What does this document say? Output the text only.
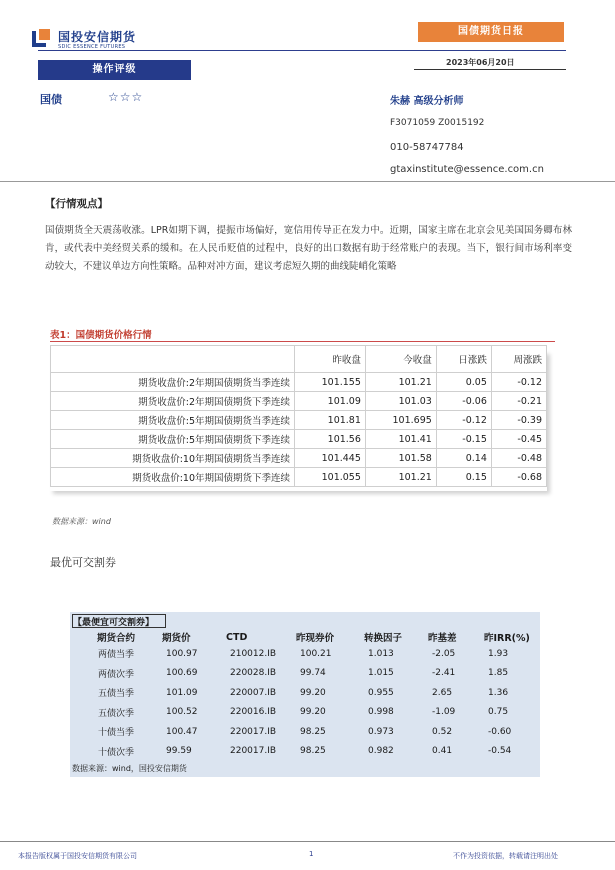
国投安信期货
SDIC ESSENCE FUTURES
国债期货日报
2023年06月20日
操作评级
国债	☆☆☆	朱赫 高级分析师
F3071059 Z0015192
010-58747784
gtaxinstitute@essence.com.cn
【行情观点】
国债期货全天震荡收涨。LPR如期下调，提振市场偏好，宽信用传导正在发力中。近期，国家主席在北京会见美国国务卿布林肯，或代表中美经贸关系的缓和。在人民币贬值的过程中，良好的出口数据有助于经常账户的表现。当下，银行间市场利率变动较大，不建议单边方向性策略。品种对冲方面，建议考虑短久期的曲线陡峭化策略
表1：国债期货价格行情
	昨收盘	今收盘	日涨跌	周涨跌
期货收盘价:2年期国债期货当季连续	101.155	101.21	0.05	-0.12
期货收盘价:2年期国债期货下季连续	101.09	101.03	-0.06	-0.21
期货收盘价:5年期国债期货当季连续	101.81	101.695	-0.12	-0.39
期货收盘价:5年期国债期货下季连续	101.56	101.41	-0.15	-0.45
期货收盘价:10年期国债期货当季连续	101.445	101.58	0.14	-0.48
期货收盘价:10年期国债期货下季连续	101.055	101.21	0.15	-0.68
数据来源：wind
最优可交割券
【最便宜可交割券】
期货合约	期货价	CTD	昨现券价	转换因子	昨基差	昨IRR(%)
两债当季	100.97	210012.IB	100.21	1.013	-2.05	1.93
两债次季	100.69	220028.IB	99.74	1.015	-2.41	1.85
五债当季	101.09	220007.IB	99.20	0.955	2.65	1.36
五债次季	100.52	220016.IB	99.20	0.998	-1.09	0.75
十债当季	100.47	220017.IB	98.25	0.973	0.52	-0.60
十债次季	99.59	220017.IB	98.25	0.982	0.41	-0.54
数据来源：wind，国投安信期货
本报告版权属于国投安信期货有限公司	1	不作为投资依据，转载请注明出处
